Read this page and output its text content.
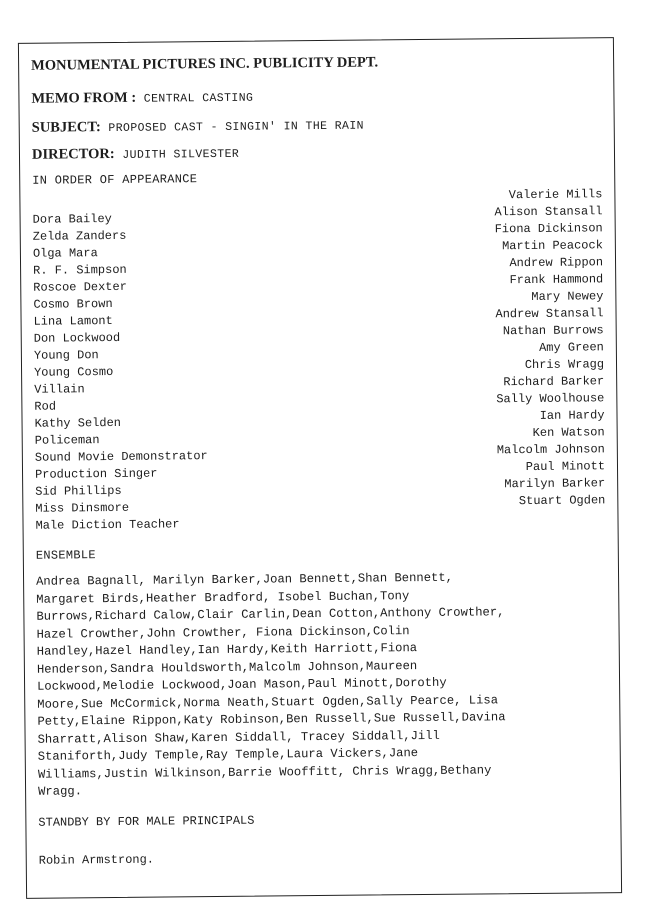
MONUMENTAL PICTURES INC. PUBLICITY DEPT.
MEMO FROM : CENTRAL CASTING
SUBJECT: PROPOSED CAST - SINGIN' IN THE RAIN
DIRECTOR: JUDITH SILVESTER
IN ORDER OF APPEARANCE
Dora Bailey
Zelda Zanders
Olga Mara
R. F. Simpson
Roscoe Dexter
Cosmo Brown
Lina Lamont
Don Lockwood
Young Don
Young Cosmo
Villain
Rod
Kathy Selden
Policeman
Sound Movie Demonstrator
Production Singer
Sid Phillips
Miss Dinsmore
Male Diction Teacher
Valerie Mills
Alison Stansall
Fiona Dickinson
Martin Peacock
Andrew Rippon
Frank Hammond
Mary Newey
Andrew Stansall
Nathan Burrows
Amy Green
Chris Wragg
Richard Barker
Sally Woolhouse
Ian Hardy
Ken Watson
Malcolm Johnson
Paul Minott
Marilyn Barker
Stuart Ogden
ENSEMBLE
Andrea Bagnall, Marilyn Barker,Joan Bennett,Shan Bennett,
Margaret Birds,Heather Bradford, Isobel Buchan,Tony
Burrows,Richard Calow,Clair Carlin,Dean Cotton,Anthony Crowther,
Hazel Crowther,John Crowther, Fiona Dickinson,Colin
Handley,Hazel Handley,Ian Hardy,Keith Harriott,Fiona
Henderson,Sandra Houldsworth,Malcolm Johnson,Maureen
Lockwood,Melodie Lockwood,Joan Mason,Paul Minott,Dorothy
Moore,Sue McCormick,Norma Neath,Stuart Ogden,Sally Pearce, Lisa
Petty,Elaine Rippon,Katy Robinson,Ben Russell,Sue Russell,Davina
Sharratt,Alison Shaw,Karen Siddall, Tracey Siddall,Jill
Staniforth,Judy Temple,Ray Temple,Laura Vickers,Jane
Williams,Justin Wilkinson,Barrie Wooffitt, Chris Wragg,Bethany
Wragg.
STANDBY BY FOR MALE PRINCIPALS
Robin Armstrong.
